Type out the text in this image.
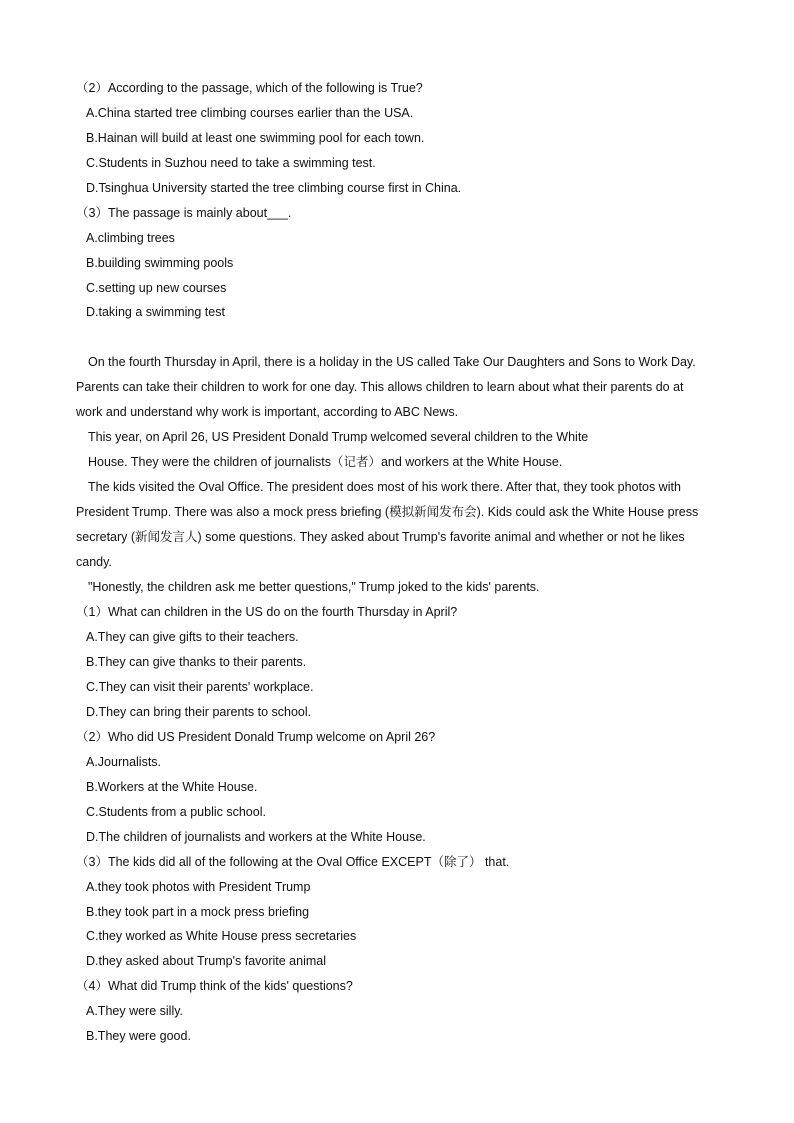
（2）According to the passage, which of the following is True?
A.China started tree climbing courses earlier than the USA.
B.Hainan will build at least one swimming pool for each town.
C.Students in Suzhou need to take a swimming test.
D.Tsinghua University started the tree climbing course first in China.
（3）The passage is mainly about___.
A.climbing trees
B.building swimming pools
C.setting up new courses
D.taking a swimming test
On the fourth Thursday in April, there is a holiday in the US called Take Our Daughters and Sons to Work Day.
Parents can take their children to work for one day. This allows children to learn about what their parents do at
work and understand why work is important, according to ABC News.
This year, on April 26, US President Donald Trump welcomed several children to the White
House. They were the children of journalists（记者）and workers at the White House.
The kids visited the Oval Office. The president does most of his work there. After that, they took photos with
President Trump. There was also a mock press briefing (模拟新闻发布会). Kids could ask the White House press
secretary (新闻发言人) some questions. They asked about Trump's favorite animal and whether or not he likes
candy.
"Honestly, the children ask me better questions," Trump joked to the kids' parents.
（1）What can children in the US do on the fourth Thursday in April?
A.They can give gifts to their teachers.
B.They can give thanks to their parents.
C.They can visit their parents' workplace.
D.They can bring their parents to school.
（2）Who did US President Donald Trump welcome on April 26?
A.Journalists.
B.Workers at the White House.
C.Students from a public school.
D.The children of journalists and workers at the White House.
（3）The kids did all of the following at the Oval Office EXCEPT（除了） that.
A.they took photos with President Trump
B.they took part in a mock press briefing
C.they worked as White House press secretaries
D.they asked about Trump's favorite animal
（4）What did Trump think of the kids' questions?
A.They were silly.
B.They were good.
